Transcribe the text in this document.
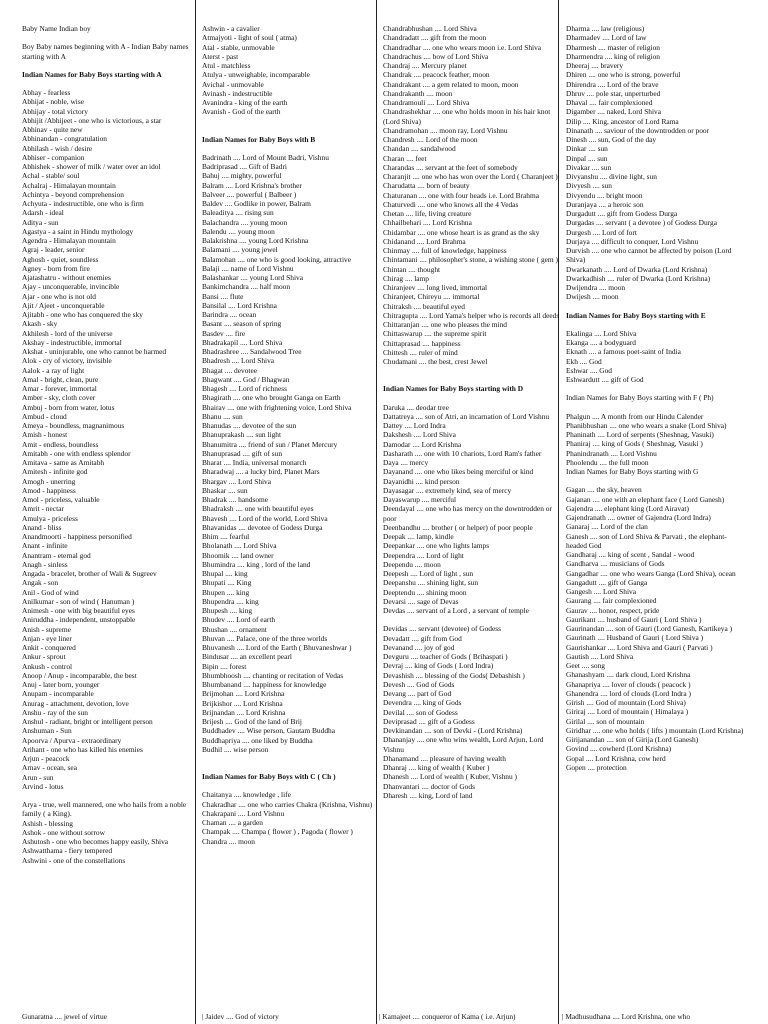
Baby Name Indian boy
Boy Baby names beginning with A - Indian Baby names starting with A
Indian Names for Baby Boys starting with A
Abhay - fearless
Abhijat - noble, wise
Abhijay - total victory
Abhijit /Abhijeet - one who is victorious, a star
Abhinav - quite new
Abhinandan - congratulation
Abhilash - wish / desire
Abhiser - companion
Abhishek - shower of milk / water over an idol
Achal - stable/ soul
Achalraj - Himalayan mountain
Achintya - beyond comprehension
Achyuta - indestructible, one who is firm
Adarsh - ideal
Aditya - sun
Agastya - a saint in Hindu mythology
Agendra - Himalayan mountain
Agraj - leader, senior
Aghosh - quiet, soundless
Agney - born from fire
Ajatashatru - without enemies
Ajay - unconquerable, invincible
Ajar - one who is not old
Ajit / Ajeet - unconquerable
Ajitabh - one who has conquered the sky
Akash - sky
Akhilesh - lord of the universe
Akshay - indestructible, immortal
Akshat - uninjurable, one who cannot be harmed
Alok - cry of victory, invisible
Aalok - a ray of light
Amal - bright, clean, pure
Amar - forever, immortal
Amber - sky, cloth cover
Ambuj - born from water, lotus
Ambud - cloud
Ameya - boundless, magnanimous
Amish - honest
Amit - endless, boundless
Amitabh - one with endless splendor
Amitava - same as Amitabh
Amitesh - infinite god
Amogh - unerring
Amod - happiness
Amol - priceless, valuable
Amrit - nectar
Amulya - priceless
Anand - bliss
Anandmoorti - happiness personified
Anant - infinite
Anantram - eternal god
Anagh - sinless
Angada - bracelet, brother of Wali & Sugreev
Angak - son
Anil - God of wind
Anilkumar - son of wind ( Hanuman )
Animesh - one with big beautiful eyes
Aniruddha - independent, unstoppable
Anish - supreme
Anjan - eye liner
Ankit - conquered
Ankur - sprout
Ankush - control
Anoop / Anup - incomparable, the best
Anuj - later born, younger
Anupam - incomparable
Anurag - attachment, devotion, love
Anshu - ray of the sun
Anshul - radiant, bright or intelligent person
Anshuman - Sun
Apoorva / Apurva - extraordinary
Arihant - one who has killed his enemies
Arjun - peacock
Arnav - ocean, sea
Arun - sun
Arvind - lotus
Arya - true, well mannered, one who hails from a noble family ( a King).
Ashish - blessing
Ashok - one without sorrow
Ashutosh - one who becomes happy easily, Shiva
Ashwatthama - fiery tempered
Ashwini - one of the constellations
Ashwin - a cavalier
Atmajyoti - light of soul ( atma)
Atal - stable, unmovable
Aterst - past
Atul - matchless
Atulya - unweighable, incomparable
Avichal - unmovable
Avinash - indestructible
Avanindra - king of the earth
Avanish - God of the earth
Indian Names for Baby Boys with B
Badrinath .... Lord of Mount Badri, Vishnu
Badriprasad .... Gift of Badri
Bahuj .... mighty, powerful
Balram .... Lord Krishna's brother
Balveer .... powerful ( Balbeer )
Baldev .... Godlike in power, Balram
Baleaditya .... rising sun
Balachandra .... young moon
Balendu .... young moon
Balakrishna .... young Lord Krishna
Balamani .... young jewel
Balamohan .... one who is good looking, attractive
Balaji .... name of Lord Vishnu
Balashankar .... young Lord Shiva
Bankimchandra .... half moon
Bansi .... flute
Bansilal .... Lord Krishna
Barindra .... ocean
Basant .... season of spring
Basdev .... fire
Bhadrakapil .... Lord Shiva
Bhadrashree .... Sandalwood Tree
Bhadresh .... Lord Shiva
Bhagat .... devotee
Bhagwant .... God / Bhagwan
Bhagesh .... Lord of richness
Bhagirath .... one who brought Ganga on Earth
Bhairav .... one with frightening voice, Lord Shiva
Bhanu .... sun
Bhanudas .... devotee of the sun
Bhanuprakash .... sun light
Bhanumitra .... friend of sun / Planet Mercury
Bhanuprasad .... gift of sun
Bharat .... India, universal monarch
Bharadwaj .... a lucky bird, Planet Mars
Bhargav .... Lord Shiva
Bhaskar .... sun
Bhadrak .... handsome
Bhadraksh .... one with beautiful eyes
Bhavesh .... Lord of the world, Lord Shiva
Bhavanidas .... devotee of Godess Durga
Bhim .... fearful
Bholanath .... Lord Shiva
Bhoomik .... land owner
Bhumindra .... king , lord of the land
Bhupal .... king
Bhupati .... King
Bhupen .... king
Bhupendra .... king
Bhupesh .... king
Bhudev .... Lord of earth
Bhushan .... ornament
Bhuvan .... Palace, one of the three worlds
Bhuvanesh .... Lord of the Earth ( Bhuvaneshwar )
Bindusar .... an excellent pearl
Bipin .... forest
Bhumbhoosh .... chanting or recitation of Vedas
Bhumbanand .... happiness for knowledge
Brijmohan .... Lord Krishna
Brijkishor .... Lord Krishna
Brijnandan .... Lord Krishna
Brijesh .... God of the land of Brij
Buddhadev .... Wise person, Gautam Buddha
Buddhapriya .... one liked by Buddha
Budhil .... wise person
Indian Names for Baby Boys with C ( Ch )
Chaitanya .... knowledge , life
Chakradhar .... one who carries Chakra (Krishna, Vishnu)
Chakrapani .... Lord Vishnu
Chaman .... a garden
Champak .... Champa ( flower ) , Pagoda ( flower )
Chandra .... moon
Chandrabhushan .... Lord Shiva
Chandradatt .... gift from the moon
Chandradhar .... one who wears moon i.e. Lord Shiva
Chandrachus .... bow of Lord Shiva
Chandraj .... Mercury planet
Chandrak .... peacock feather, moon
Chandrakant .... a gem related to moon, moon
Chandrakanth .... moon
Chandramouli .... Lord Shiva
Chandrashekhar .... one who holds moon in his hair knot (Lord Shiva)
Chandramohan .... moon ray, Lord Vishnu
Chandresh .... Lord of the moon
Chandan .... sandalwood
Charan .... feet
Charandas .... servant at the feet of somebody
Charanjit .... one who has won over the Lord ( Charanjeet )
Charudatta .... born of beauty
Chaturanan .... one with four heads i.e. Lord Brahma
Chaturvedi .... one who knows all the 4 Vedas
Chetan .... life, living creature
Chhailbehari .... Lord Krishna
Chidambar .... one whose heart is as grand as the sky
Chidanand .... Lord Brahma
Chinmay .... full of knowledge, happiness
Chintamani .... philosopher's stone, a wishing stone ( gem )
Chintan .... thought
Chirag .... lamp
Chiranjeev .... long lived, immortal
Chiranjeet, Chireyu .... immortal
Chitraksh .... beautiful eyed
Chitragupta .... Lord Yama's helper who is records all deeds
Chittaranjan .... one who pleases the mind
Chittaswarup .... the supreme spirit
Chittaprasad .... happiness
Chittesh .... ruler of mind
Chudamani .... the best, crest Jewel
Indian Names for Baby Boys starting with D
Daruka .... deodar tree
Dattatreya .... son of Atri, an incarnation of Lord Vishnu
Dattey .... Lord Indra
Dakshesh .... Lord Shiva
Damodar .... Lord Krishna
Dasharath .... one with 10 chariots, Lord Ram's father
Daya .... mercy
Dayanand .... one who likes being merciful or kind
Dayanidhi .... kind person
Dayasagar .... extremely kind, sea of mercy
Dayaswarup .... merciful
Deendayal .... one who has mercy on the downtrodden or poor
Deenbandhu .... brother ( or helper) of poor people
Deepak .... lamp, kindle
Deepankar .... one who lights lamps
Deependra .... Lord of light
Deependu .... moon
Deepesh .... Lord of light , sun
Deepanshu .... shining light, sun
Deeptendu .... shining moon
Devarsi .... sage of Devas
Devdas .... servant of a Lord , a servant of temple
Devidas .... servant (devotee) of Godess
Devadatt .... gift from God
Devanand .... joy of god
Devguru .... teacher of Gods ( Brihaspati )
Devraj .... king of Gods ( Lord Indra)
Devashish .... blessing of the Gods( Debashish )
Devesh .... God of Gods
Devang .... part of God
Devendra .... king of Gods
Devilal .... son of Godess
Deviprasad .... gift of a Godess
Devkinandan .... son of Devki - (Lord Krishna)
Dhananjay .... one who wins wealth, Lord Arjun, Lord Vishnu
Dhanamand .... pleasure of having wealth
Dhanraj .... king of wealth ( Kuber )
Dhanesh .... Lord of wealth ( Kuber, Vishnu )
Dhanvantari .... doctor of Gods
Dharesh .... king, Lord of land
Dharma .... law (religious)
Dharmadev .... Lord of law
Dharmesh .... master of religion
Dharmendra .... king of religion
Dheeraj .... bravery
Dhiren .... one who is strong, powerful
Dhirendra .... Lord of the brave
Dhruv .... pole star, unperturbed
Dhaval .... fair complexioned
Digamber .... naked, Lord Shiva
Dilip .... King, ancestor of Lord Rama
Dinanath .... saviour of the downtrodden or poor
Dinesh .... sun, God of the day
Dinkar .... sun
Dinpal .... sun
Divakar .... sun
Divyanshu .... divine light, sun
Divyesh .... sun
Divyendu .... bright moon
Duranjaya .... a heroic son
Durgadutt .... gift from Godess Durga
Durgadas .... servant ( a devotee ) of Godess Durga
Durgesh .... Lord of fort
Durjaya .... difficult to conquer, Lord Vishnu
Durvish .... one who cannot be affected by poison (Lord Shiva)
Dwarkanath .... Lord of Dwarka (Lord Krishna)
Dwarkadhish .... ruler of Dwarka (Lord Krishna)
Dwijendra .... moon
Dwijesh .... moon
Indian Names for Baby Boys starting with E
Ekalinga .... Lord Shiva
Ekanga .... a bodyguard
Eknath .... a famous poet-saint of India
Ekh .... God
Eshwar .... God
Eshwardutt .... gift of God
Indian Names for Baby Boys starting with F ( Ph)
Phalgun .... A month from our Hindu Calender
Phanibhushan .... one who wears a snake (Lord Shiva)
Phaninath .... Lord of serpents (Sheshnag, Vasuki)
Phaniraj .... king of Gods ( Sheshnag, Vasuki )
Phanindranath .... Lord Vishnu
Phoolendu .... the full moon
Indian Names for Baby Boys starting with G
Gagan .... the sky, heaven
Gajanan .... one with an elephant face ( Lord Ganesh)
Gajendra .... elephant king (Lord Airavat)
Gajendranath .... owner of Gajendra (Lord Indra)
Ganaraj .... Lord of the clan
Ganesh .... son of Lord Shiva & Parvati , the elephant-headed God
Gandharaj .... king of scent , Sandal - wood
Gandharva .... musicians of Gods
Gangadhar .... one who wears Ganga (Lord Shiva), ocean
Gangadutt .... gift of Ganga
Gangesh .... Lord Shiva
Gaurang .... fair complexioned
Gaurav .... honor, respect, pride
Gaurikant .... husband of Gauri ( Lord Shiva )
Gaurinandan .... son of Gauri (Lord Ganesh, Kartikeya )
Gaurinath .... Husband of Gauri ( Lord Shiva )
Gaurishankar .... Lord Shiva and Gauri ( Parvati )
Gautish .... Lord Shiva
Geet .... song
Ghanashyam .... dark cloud, Lord Krishna
Ghanapriya .... lover of clouds ( peacock )
Ghanendra .... lord of clouds (Lord Indra )
Girish .... God of mountain (Lord Shiva)
Giriraj .... Lord of mountain ( Himalaya )
Girilal .... son of mountain
Giridhar .... one who holds ( lifts ) mountain (Lord Krishna)
Girijanandan .... son of Girija (Lord Ganesh)
Govind .... cowherd (Lord Krishna)
Gopal .... Lord Krishna, cow herd
Gopen .... protection
Gunaratna .... jewel of virtue	| Jaidev .... God of victory	| Kamajeet .... conqueror of Kama ( i.e. Arjun)	| Madhusudhana .... Lord Krishna, one who
